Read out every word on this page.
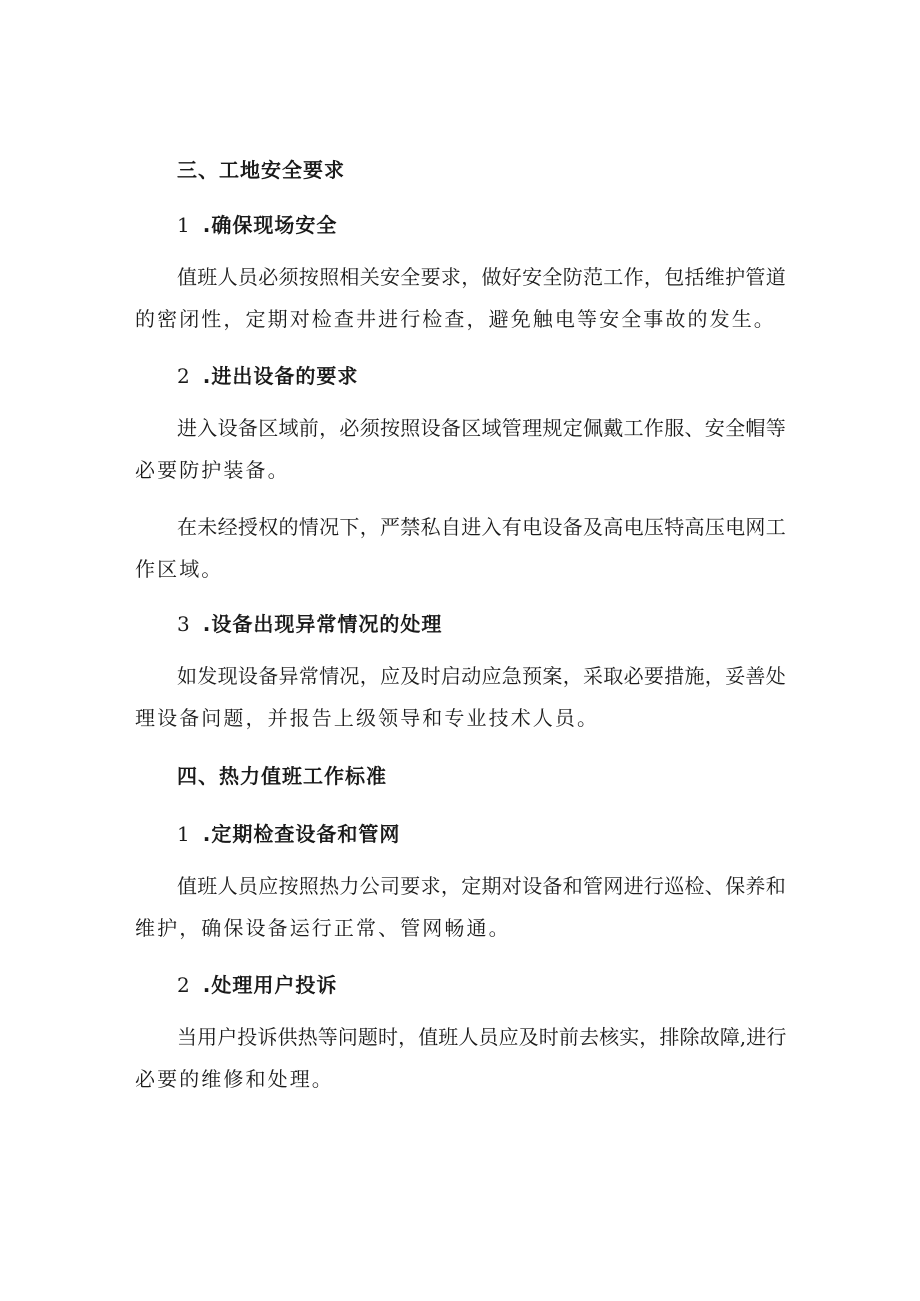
三、工地安全要求
1 .确保现场安全
值班人员必须按照相关安全要求，做好安全防范工作，包括维护管道
的密闭性，定期对检查井进行检查，避免触电等安全事故的发生。
2 .进出设备的要求
进入设备区域前，必须按照设备区域管理规定佩戴工作服、安全帽等
必要防护装备。
在未经授权的情况下，严禁私自进入有电设备及高电压特高压电网工
作区域。
3 .设备出现异常情况的处理
如发现设备异常情况，应及时启动应急预案，采取必要措施，妥善处
理设备问题，并报告上级领导和专业技术人员。
四、热力值班工作标准
1 .定期检查设备和管网
值班人员应按照热力公司要求，定期对设备和管网进行巡检、保养和
维护，确保设备运行正常、管网畅通。
2 .处理用户投诉
当用户投诉供热等问题时，值班人员应及时前去核实，排除故障,进行
必要的维修和处理。
